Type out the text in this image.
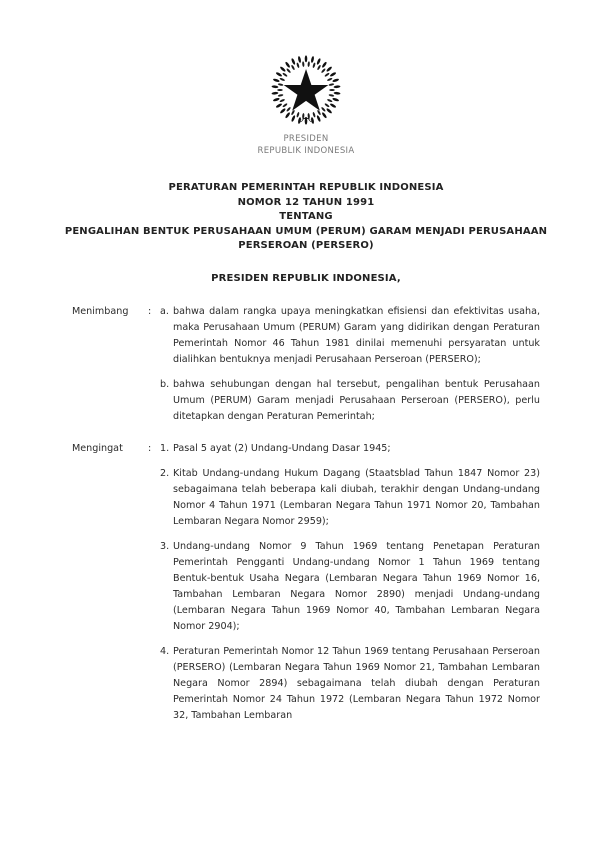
PRESIDEN
REPUBLIK INDONESIA
PERATURAN PEMERINTAH REPUBLIK INDONESIA
NOMOR 12 TAHUN 1991
TENTANG
PENGALIHAN BENTUK PERUSAHAAN UMUM (PERUM) GARAM MENJADI PERUSAHAAN PERSEROAN (PERSERO)
PRESIDEN REPUBLIK INDONESIA,
Menimbang	: a. bahwa dalam rangka upaya meningkatkan efisiensi dan efektivitas usaha, maka Perusahaan Umum (PERUM) Garam yang didirikan dengan Peraturan Pemerintah Nomor 46 Tahun 1981 dinilai memenuhi persyaratan untuk dialihkan bentuknya menjadi Perusahaan Perseroan (PERSERO);
b. bahwa sehubungan dengan hal tersebut, pengalihan bentuk Perusahaan Umum (PERUM) Garam menjadi Perusahaan Perseroan (PERSERO), perlu ditetapkan dengan Peraturan Pemerintah;
Mengingat	: 1. Pasal 5 ayat (2) Undang-Undang Dasar 1945;
2. Kitab Undang-undang Hukum Dagang (Staatsblad Tahun 1847 Nomor 23) sebagaimana telah beberapa kali diubah, terakhir dengan Undang-undang Nomor 4 Tahun 1971 (Lembaran Negara Tahun 1971 Nomor 20, Tambahan Lembaran Negara Nomor 2959);
3. Undang-undang Nomor 9 Tahun 1969 tentang Penetapan Peraturan Pemerintah Pengganti Undang-undang Nomor 1 Tahun 1969 tentang Bentuk-bentuk Usaha Negara (Lembaran Negara Tahun 1969 Nomor 16, Tambahan Lembaran Negara Nomor 2890) menjadi Undang-undang (Lembaran Negara Tahun 1969 Nomor 40, Tambahan Lembaran Negara Nomor 2904);
4. Peraturan Pemerintah Nomor 12 Tahun 1969 tentang Perusahaan Perseroan (PERSERO) (Lembaran Negara Tahun 1969 Nomor 21, Tambahan Lembaran Negara Nomor 2894) sebagaimana telah diubah dengan Peraturan Pemerintah Nomor 24 Tahun 1972 (Lembaran Negara Tahun 1972 Nomor 32, Tambahan Lembaran
